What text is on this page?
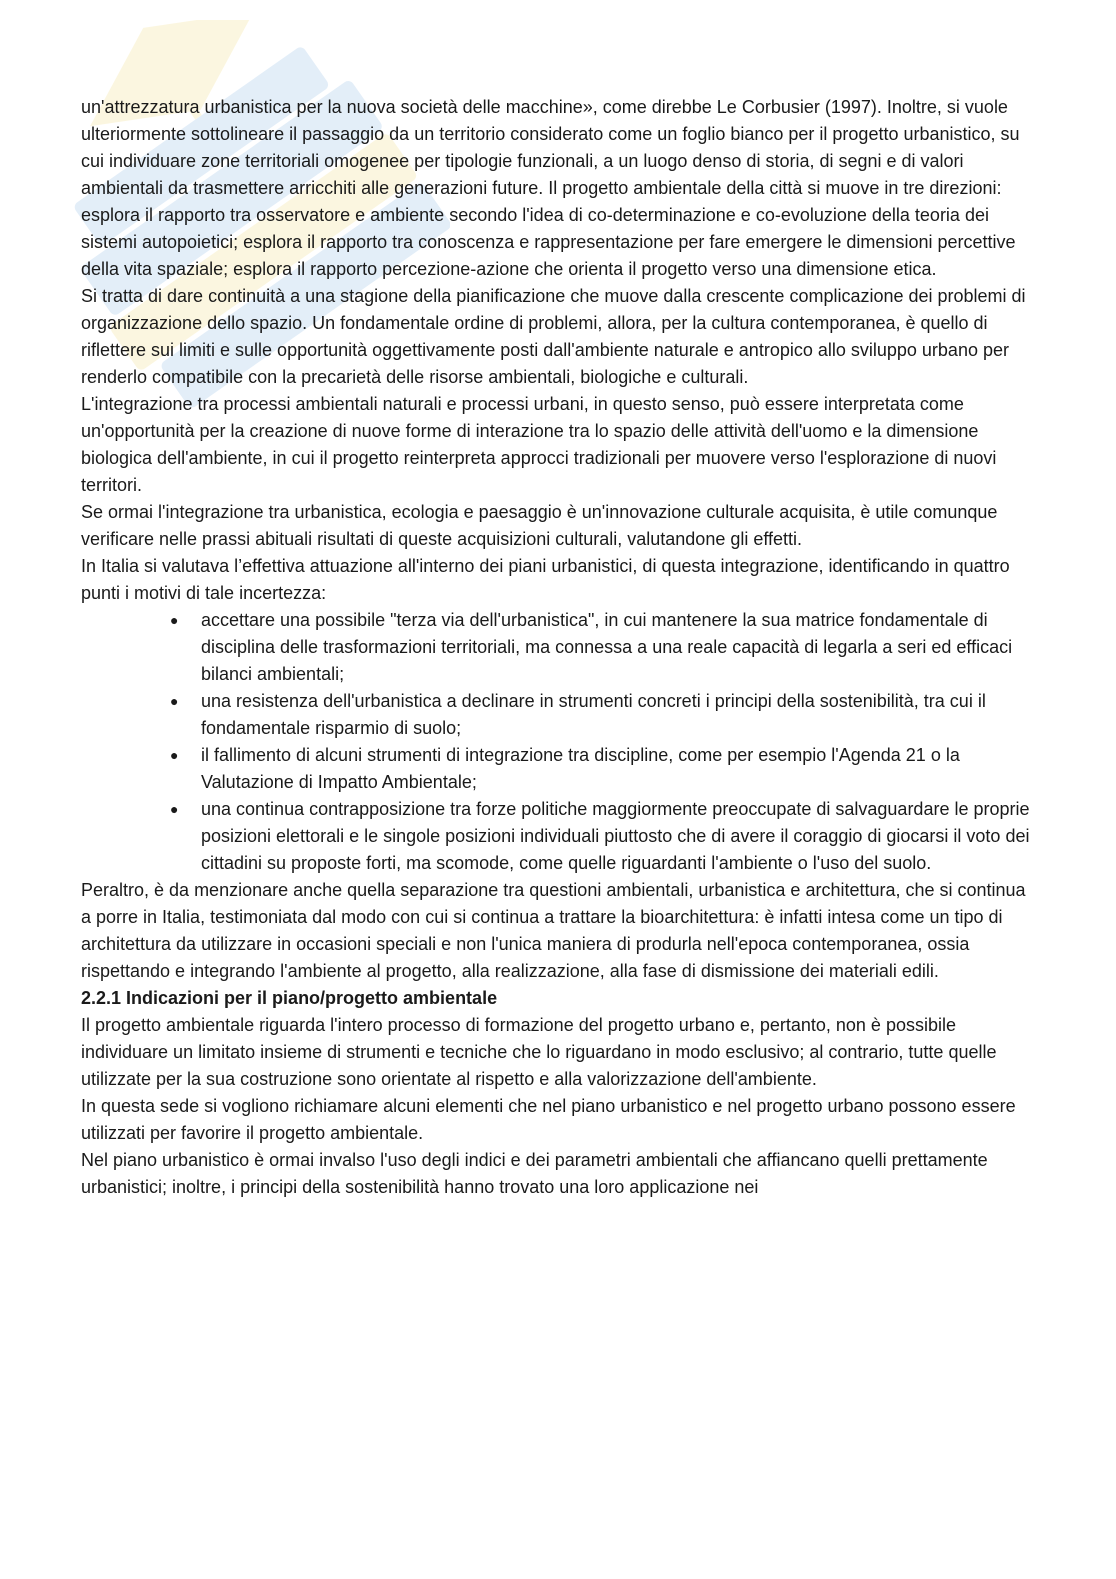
un'attrezzatura urbanistica per la nuova società delle macchine», come direbbe Le Corbusier (1997). Inoltre, si vuole ulteriormente sottolineare il passaggio da un territorio considerato come un foglio bianco per il progetto urbanistico, su cui individuare zone territoriali omogenee per tipologie funzionali, a un luogo denso di storia, di segni e di valori ambientali da trasmettere arricchiti alle generazioni future. Il progetto ambientale della città si muove in tre direzioni: esplora il rapporto tra osservatore e ambiente secondo l'idea di co-determinazione e co-evoluzione della teoria dei sistemi autopoietici; esplora il rapporto tra conoscenza e rappresentazione per fare emergere le dimensioni percettive della vita spaziale; esplora il rapporto percezione-azione che orienta il progetto verso una dimensione etica.

Si tratta di dare continuità a una stagione della pianificazione che muove dalla crescente complicazione dei problemi di organizzazione dello spazio. Un fondamentale ordine di problemi, allora, per la cultura contemporanea, è quello di riflettere sui limiti e sulle opportunità oggettivamente posti dall'ambiente naturale e antropico allo sviluppo urbano per renderlo compatibile con la precarietà delle risorse ambientali, biologiche e culturali.

L'integrazione tra processi ambientali naturali e processi urbani, in questo senso, può essere interpretata come un'opportunità per la creazione di nuove forme di interazione tra lo spazio delle attività dell'uomo e la dimensione biologica dell'ambiente, in cui il progetto reinterpreta approcci tradizionali per muovere verso l'esplorazione di nuovi territori.

Se ormai l'integrazione tra urbanistica, ecologia e paesaggio è un'innovazione culturale acquisita, è utile comunque verificare nelle prassi abituali risultati di queste acquisizioni culturali, valutandone gli effetti.

In Italia si valutava l’effettiva attuazione all'interno dei piani urbanistici, di questa integrazione, identificando in quattro punti i motivi di tale incertezza:

● accettare una possibile "terza via dell'urbanistica", in cui mantenere la sua matrice fondamentale di disciplina delle trasformazioni territoriali, ma connessa a una reale capacità di legarla a seri ed efficaci bilanci ambientali;
● una resistenza dell'urbanistica a declinare in strumenti concreti i principi della sostenibilità, tra cui il fondamentale risparmio di suolo;
● il fallimento di alcuni strumenti di integrazione tra discipline, come per esempio l'Agenda 21 o la Valutazione di Impatto Ambientale;
● una continua contrapposizione tra forze politiche maggiormente preoccupate di salvaguardare le proprie posizioni elettorali e le singole posizioni individuali piuttosto che di avere il coraggio di giocarsi il voto dei cittadini su proposte forti, ma scomode, come quelle riguardanti l'ambiente o l'uso del suolo.

Peraltro, è da menzionare anche quella separazione tra questioni ambientali, urbanistica e architettura, che si continua a porre in Italia, testimoniata dal modo con cui si continua a trattare la bioarchitettura: è infatti intesa come un tipo di architettura da utilizzare in occasioni speciali e non l'unica maniera di produrla nell'epoca contemporanea, ossia rispettando e integrando l'ambiente al progetto, alla realizzazione, alla fase di dismissione dei materiali edili.

2.2.1 Indicazioni per il piano/progetto ambientale

Il progetto ambientale riguarda l'intero processo di formazione del progetto urbano e, pertanto, non è possibile individuare un limitato insieme di strumenti e tecniche che lo riguardano in modo esclusivo; al contrario, tutte quelle utilizzate per la sua costruzione sono orientate al rispetto e alla valorizzazione dell'ambiente.

In questa sede si vogliono richiamare alcuni elementi che nel piano urbanistico e nel progetto urbano possono essere utilizzati per favorire il progetto ambientale.

Nel piano urbanistico è ormai invalso l'uso degli indici e dei parametri ambientali che affiancano quelli prettamente urbanistici; inoltre, i principi della sostenibilità hanno trovato una loro applicazione nei
